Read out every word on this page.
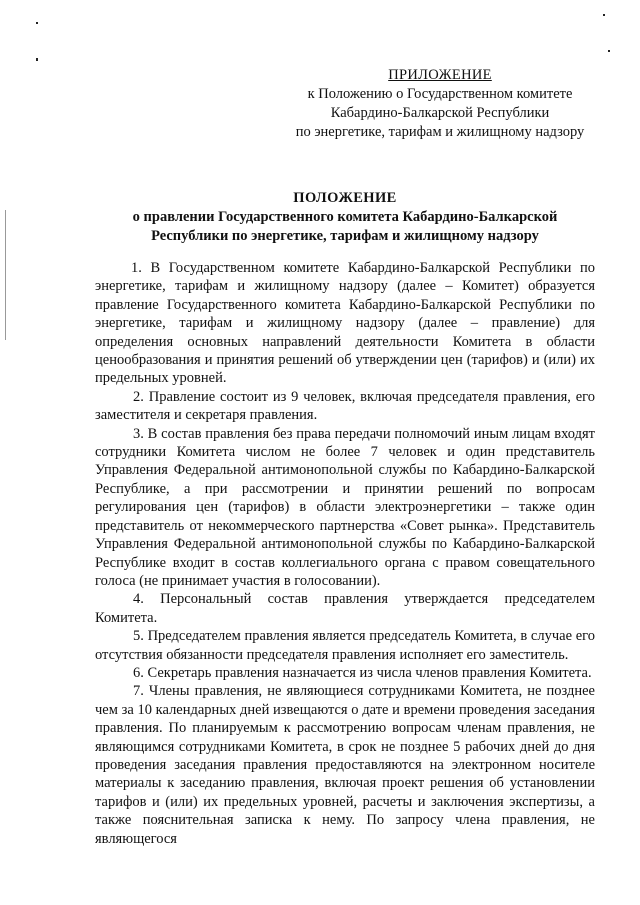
ПРИЛОЖЕНИЕ
к Положению о Государственном комитете
Кабардино-Балкарской Республики
по энергетике, тарифам и жилищному надзору
ПОЛОЖЕНИЕ
о правлении Государственного комитета Кабардино-Балкарской
Республики по энергетике, тарифам и жилищному надзору

1. В Государственном комитете Кабардино-Балкарской Республики по энергетике, тарифам и жилищному надзору (далее – Комитет) образуется правление Государственного комитета Кабардино-Балкарской Республики по энергетике, тарифам и жилищному надзору (далее – правление) для определения основных направлений деятельности Комитета в области ценообразования и принятия решений об утверждении цен (тарифов) и (или) их предельных уровней.

2. Правление состоит из 9 человек, включая председателя правления, его заместителя и секретаря правления.

3. В состав правления без права передачи полномочий иным лицам входят сотрудники Комитета числом не более 7 человек и один представитель Управления Федеральной антимонопольной службы по Кабардино-Балкарской Республике, а при рассмотрении и принятии решений по вопросам регулирования цен (тарифов) в области электроэнергетики – также один представитель от некоммерческого партнерства «Совет рынка». Представитель Управления Федеральной антимонопольной службы по Кабардино-Балкарской Республике входит в состав коллегиального органа с правом совещательного голоса (не принимает участия в голосовании).

4. Персональный состав правления утверждается председателем Комитета.

5. Председателем правления является председатель Комитета, в случае его отсутствия обязанности председателя правления исполняет его заместитель.

6. Секретарь правления назначается из числа членов правления Комитета.

7. Члены правления, не являющиеся сотрудниками Комитета, не позднее чем за 10 календарных дней извещаются о дате и времени проведения заседания правления. По планируемым к рассмотрению вопросам членам правления, не являющимся сотрудниками Комитета, в срок не позднее 5 рабочих дней до дня проведения заседания правления предоставляются на электронном носителе материалы к заседанию правления, включая проект решения об установлении тарифов и (или) их предельных уровней, расчеты и заключения экспертизы, а также пояснительная записка к нему. По запросу члена правления, не являющегося
